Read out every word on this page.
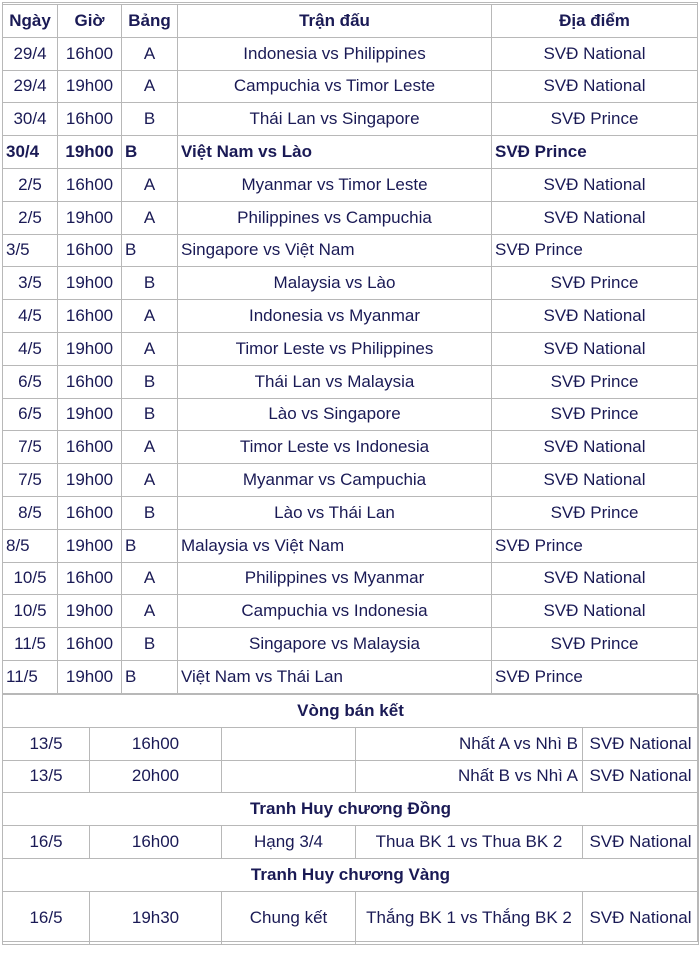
Ngày	Giờ	Bảng	Trận đấu	Địa điểm
29/4	16h00	A	Indonesia vs Philippines	SVĐ National
29/4	19h00	A	Campuchia vs Timor Leste	SVĐ National
30/4	16h00	B	Thái Lan vs Singapore	SVĐ Prince
30/4	19h00	B	Việt Nam vs Lào	SVĐ Prince
2/5	16h00	A	Myanmar vs Timor Leste	SVĐ National
2/5	19h00	A	Philippines vs Campuchia	SVĐ National
3/5	16h00	B	Singapore vs Việt Nam	SVĐ Prince
3/5	19h00	B	Malaysia vs Lào	SVĐ Prince
4/5	16h00	A	Indonesia vs Myanmar	SVĐ National
4/5	19h00	A	Timor Leste vs Philippines	SVĐ National
6/5	16h00	B	Thái Lan vs Malaysia	SVĐ Prince
6/5	19h00	B	Lào vs Singapore	SVĐ Prince
7/5	16h00	A	Timor Leste vs Indonesia	SVĐ National
7/5	19h00	A	Myanmar vs Campuchia	SVĐ National
8/5	16h00	B	Lào vs Thái Lan	SVĐ Prince
8/5	19h00	B	Malaysia vs Việt Nam	SVĐ Prince
10/5	16h00	A	Philippines vs Myanmar	SVĐ National
10/5	19h00	A	Campuchia vs Indonesia	SVĐ National
11/5	16h00	B	Singapore vs Malaysia	SVĐ Prince
11/5	19h00	B	Việt Nam vs Thái Lan	SVĐ Prince
Vòng bán kết				
13/5	16h00		Nhất A vs Nhì B	SVĐ National
13/5	20h00		Nhất B vs Nhì A	SVĐ National
Tranh Huy chương Đồng				
16/5	16h00	Hạng 3/4	Thua BK 1 vs Thua BK 2	SVĐ National
Tranh Huy chương Vàng				
16/5	19h30	Chung kết	Thắng BK 1 vs Thắng BK 2	SVĐ National
